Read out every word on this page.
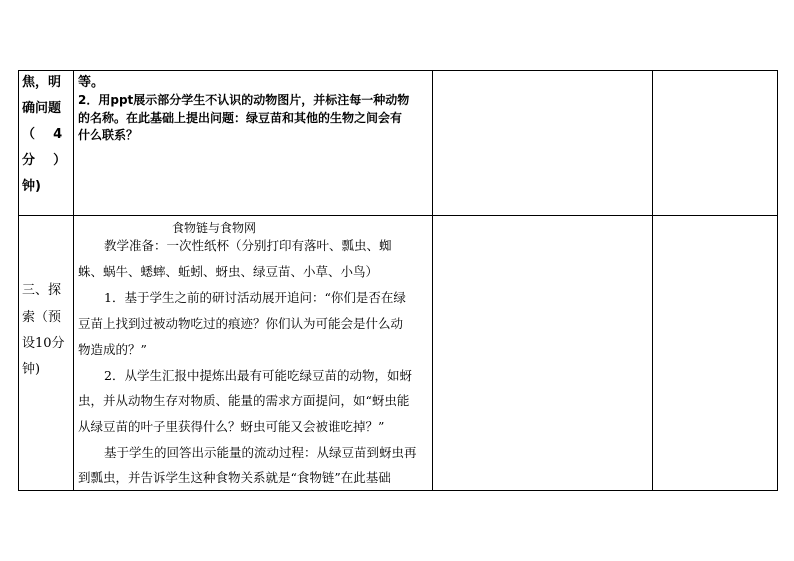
焦，明
确问题
（    4
分    ）
钟)
等。
2．用ppt展示部分学生不认识的动物图片，并标注每一种动物
的名称。在此基础上提出问题：绿豆苗和其他的生物之间会有
什么联系？
三、探
索（预
设10分
钟)
食物链与食物网
教学准备：一次性纸杯（分别打印有落叶、瓢虫、蜘
蛛、蜗牛、蟋蟀、蚯蚓、蚜虫、绿豆苗、小草、小鸟）
1．基于学生之前的研讨活动展开追问：“你们是否在绿
豆苗上找到过被动物吃过的痕迹？你们认为可能会是什么动
物造成的？”
2．从学生汇报中提炼出最有可能吃绿豆苗的动物，如蚜
虫，并从动物生存对物质、能量的需求方面提问，如“蚜虫能
从绿豆苗的叶子里获得什么？蚜虫可能又会被谁吃掉？”
基于学生的回答出示能量的流动过程：从绿豆苗到蚜虫再
到瓢虫，并告诉学生这种食物关系就是“食物链”在此基础
